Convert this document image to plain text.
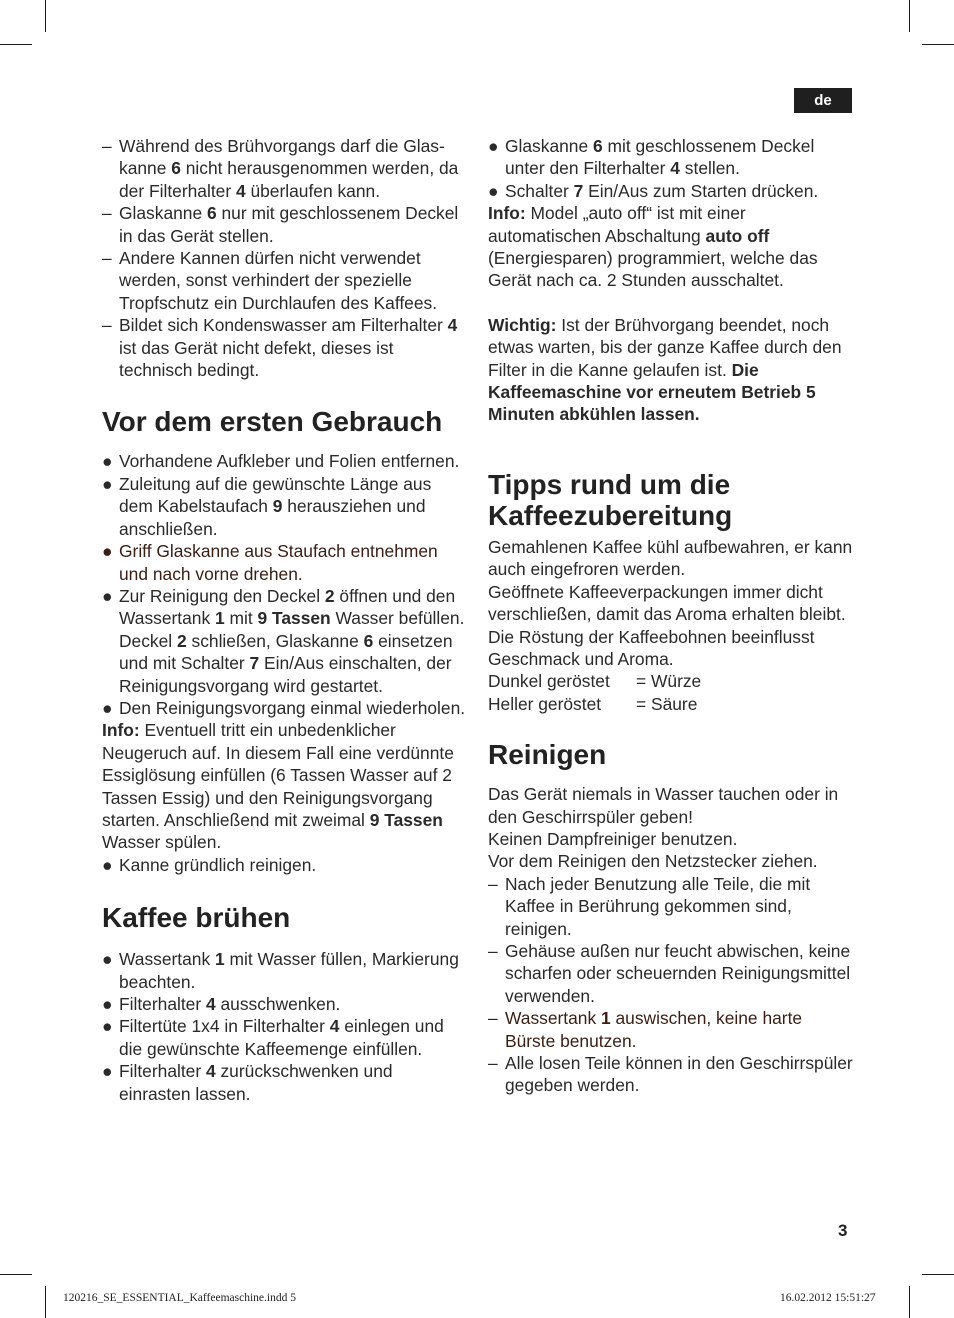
de
– Während des Brühvorgangs darf die Glas-kanne 6 nicht herausgenommen werden, da der Filterhalter 4 überlaufen kann.
– Glaskanne 6 nur mit geschlossenem Deckel in das Gerät stellen.
– Andere Kannen dürfen nicht verwendet werden, sonst verhindert der spezielle Tropfschutz ein Durchlaufen des Kaffees.
– Bildet sich Kondenswasser am Filterhalter 4 ist das Gerät nicht defekt, dieses ist technisch bedingt.
Vor dem ersten Gebrauch
● Vorhandene Aufkleber und Folien entfernen.
● Zuleitung auf die gewünschte Länge aus dem Kabelstaufach 9 herausziehen und anschließen.
● Griff Glaskanne aus Staufach entnehmen und nach vorne drehen.
● Zur Reinigung den Deckel 2 öffnen und den Wassertank 1 mit 9 Tassen Wasser befüllen. Deckel 2 schließen, Glaskanne 6 einsetzen und mit Schalter 7 Ein/Aus einschalten, der Reinigungsvorgang wird gestartet.
● Den Reinigungsvorgang einmal wiederholen.

Info: Eventuell tritt ein unbedenklicher Neugeruch auf. In diesem Fall eine verdünnte Essiglösung einfüllen (6 Tassen Wasser auf 2 Tassen Essig) und den Reinigungsvorgang starten. Anschließend mit zweimal 9 Tassen Wasser spülen.

● Kanne gründlich reinigen.
Kaffee brühen
● Wassertank 1 mit Wasser füllen, Markierung beachten.
● Filterhalter 4 ausschwenken.
● Filtertüte 1x4 in Filterhalter 4 einlegen und die gewünschte Kaffeemenge einfüllen.
● Filterhalter 4 zurückschwenken und einrasten lassen.
● Glaskanne 6 mit geschlossenem Deckel unter den Filterhalter 4 stellen.
● Schalter 7 Ein/Aus zum Starten drücken.

Info: Model „auto off“ ist mit einer automatischen Abschaltung auto off (Energiesparen) programmiert, welche das Gerät nach ca. 2 Stunden ausschaltet.

Wichtig: Ist der Brühvorgang beendet, noch etwas warten, bis der ganze Kaffee durch den Filter in die Kanne gelaufen ist. Die Kaffeemaschine vor erneutem Betrieb 5 Minuten abkühlen lassen.

Tipps rund um die Kaffeezubereitung

Gemahlenen Kaffee kühl aufbewahren, er kann auch eingefroren werden.

Geöffnete Kaffeeverpackungen immer dicht verschließen, damit das Aroma erhalten bleibt.

Die Röstung der Kaffeebohnen beeinflusst Geschmack und Aroma.

Dunkel geröstet	= Würze
Heller geröstet	= Säure
Reinigen

Das Gerät niemals in Wasser tauchen oder in den Geschirrspüler geben!

Keinen Dampfreiniger benutzen.

Vor dem Reinigen den Netzstecker ziehen.

– Nach jeder Benutzung alle Teile, die mit Kaffee in Berührung gekommen sind, reinigen.
– Gehäuse außen nur feucht abwischen, keine scharfen oder scheuernden Reinigungsmittel verwenden.
– Wassertank 1 auswischen, keine harte Bürste benutzen.
– Alle losen Teile können in den Geschirrspüler gegeben werden.
3
120216_SE_ESSENTIAL_Kaffeemaschine.indd 5	16.02.2012 15:51:27
